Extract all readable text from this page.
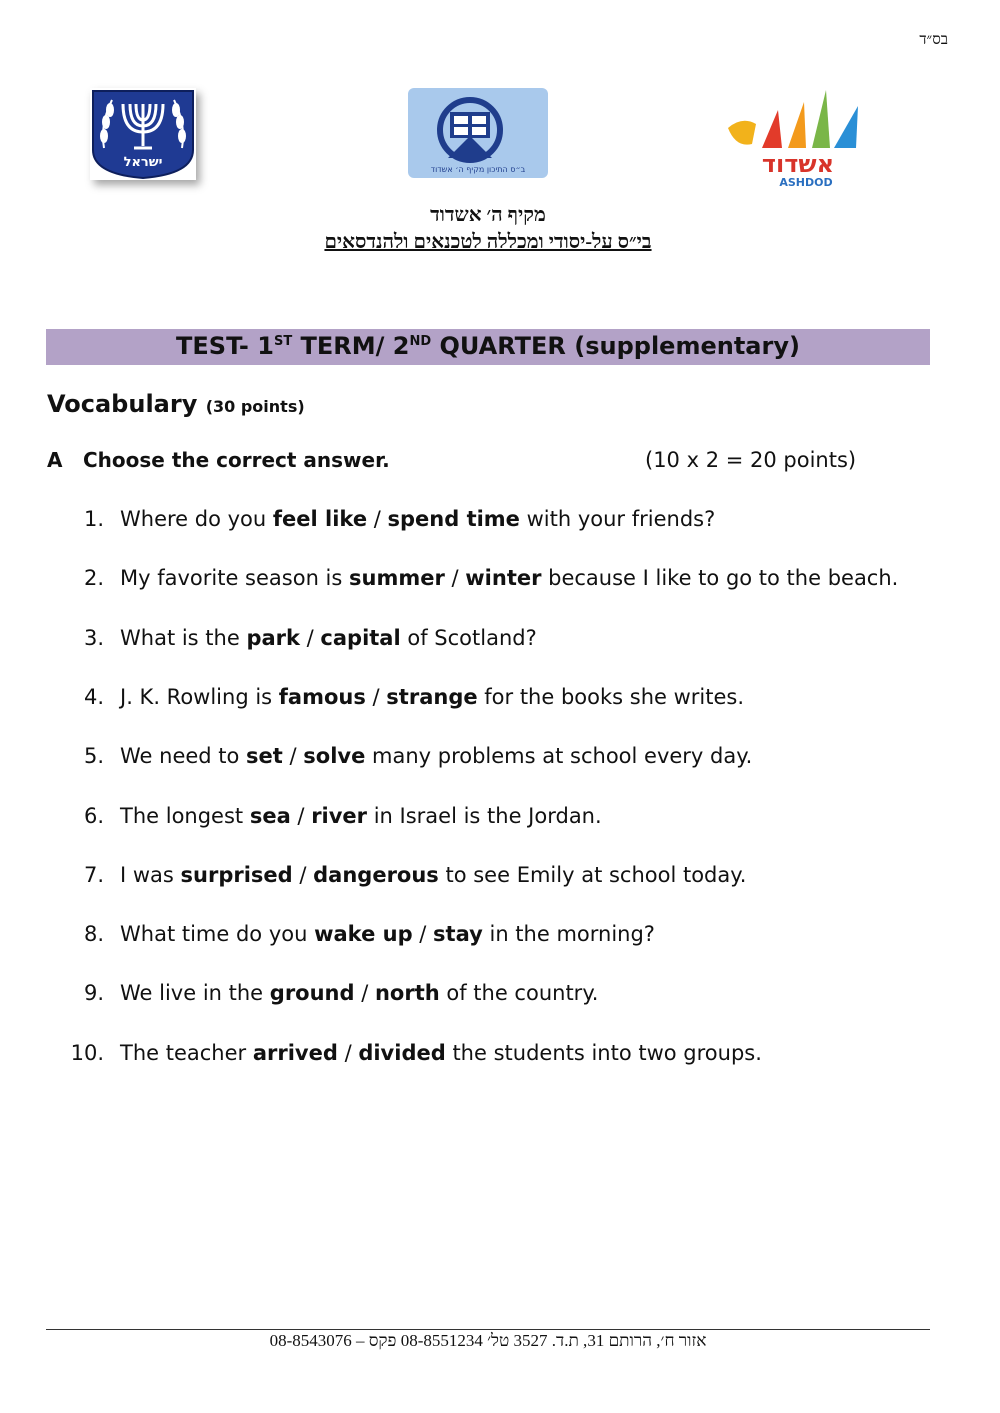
בס״ד
ישראל	ב״ס התיכון מקיף ה׳ אשדוד	אשדוד
ASHDOD
מקיף ה׳ אשדוד
בי״ס על-יסודי ומכללה לטכנאים ולהנדסאים
TEST- 1ST TERM/ 2ND QUARTER (supplementary)
Vocabulary (30 points)
A Choose the correct answer.	(10 x 2 = 20 points)
1. Where do you feel like / spend time with your friends?
2. My favorite season is summer / winter because I like to go to the beach.
3. What is the park / capital of Scotland?
4. J. K. Rowling is famous / strange for the books she writes.
5. We need to set / solve many problems at school every day.
6. The longest sea / river in Israel is the Jordan.
7. I was surprised / dangerous to see Emily at school today.
8. What time do you wake up / stay in the morning?
9. We live in the ground / north of the country.
10. The teacher arrived / divided the students into two groups.
אזור ח׳, הרותם 31, ת.ד. 3527 טל׳ 08-8551234 פקס – 08-8543076
